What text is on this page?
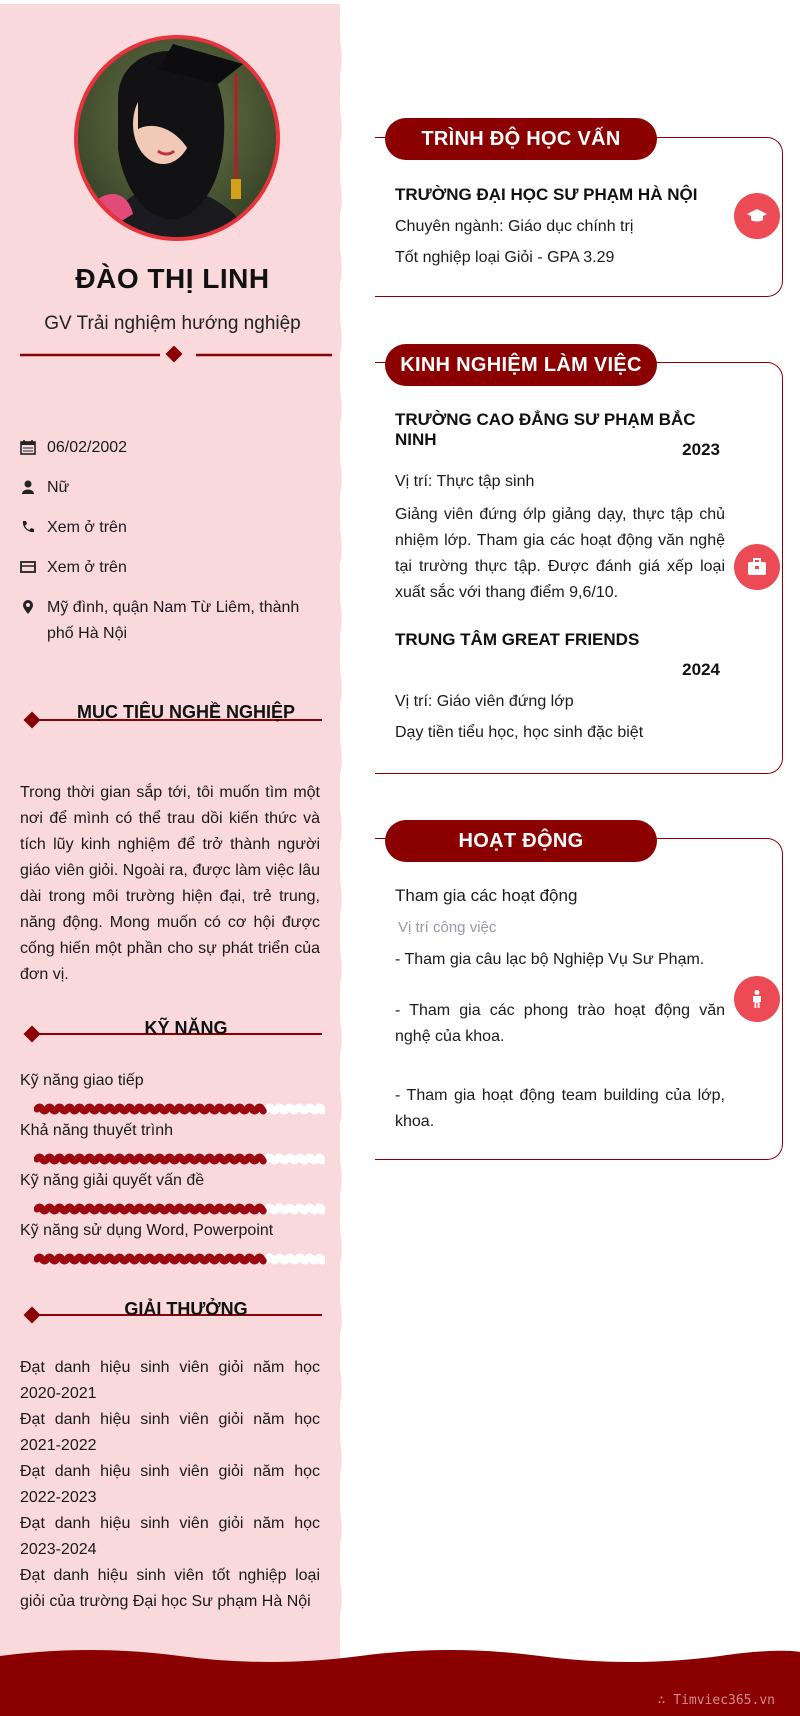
ĐÀO THỊ LINH
GV Trải nghiệm hướng nghiệp
06/02/2002
Nữ
Xem ở trên
Xem ở trên
Mỹ đình, quận Nam Từ Liêm, thành phố Hà Nội
MỤC TIÊU NGHỀ NGHIỆP
Trong thời gian sắp tới, tôi muốn tìm một nơi để mình có thể trau dồi kiến thức và tích lũy kinh nghiệm để trở thành người giáo viên giỏi. Ngoài ra, được làm việc lâu dài trong môi trường hiện đại, trẻ trung, năng động. Mong muốn có cơ hội được cống hiến một phần cho sự phát triển của đơn vị.
KỸ NĂNG
Kỹ năng giao tiếp
Khả năng thuyết trình
Kỹ năng giải quyết vấn đề
Kỹ năng sử dụng Word, Powerpoint
GIẢI THƯỞNG
Đạt danh hiệu sinh viên giỏi năm học 2020-2021
Đạt danh hiệu sinh viên giỏi năm học 2021-2022
Đạt danh hiệu sinh viên giỏi năm học 2022-2023
Đạt danh hiệu sinh viên giỏi năm học 2023-2024
Đạt danh hiệu sinh viên tốt nghiệp loại giỏi của trường Đại học Sư phạm Hà Nội
TRÌNH ĐỘ HỌC VẤN
TRƯỜNG ĐẠI HỌC SƯ PHẠM HÀ NỘI
Chuyên ngành: Giáo dục chính trị
Tốt nghiệp loại Giỏi - GPA 3.29
KINH NGHIỆM LÀM VIỆC
TRƯỜNG CAO ĐẲNG SƯ PHẠM BẮC NINH
2023
Vị trí: Thực tập sinh
Giảng viên đứng ớlp giảng dạy, thực tập chủ nhiệm lớp. Tham gia các hoạt động văn nghệ tại trường thực tập. Được đánh giá xếp loại xuất sắc với thang điểm 9,6/10.
TRUNG TÂM GREAT FRIENDS
2024
Vị trí: Giáo viên đứng lớp
Dạy tiền tiểu học, học sinh đặc biệt
HOẠT ĐỘNG
Tham gia các hoạt động
Vị trí công việc
- Tham gia câu lạc bộ Nghiệp Vụ Sư Phạm.
- Tham gia các phong trào hoạt động văn nghệ của khoa.
- Tham gia hoạt động team building của lớp, khoa.
∴ Timviec365.vn
